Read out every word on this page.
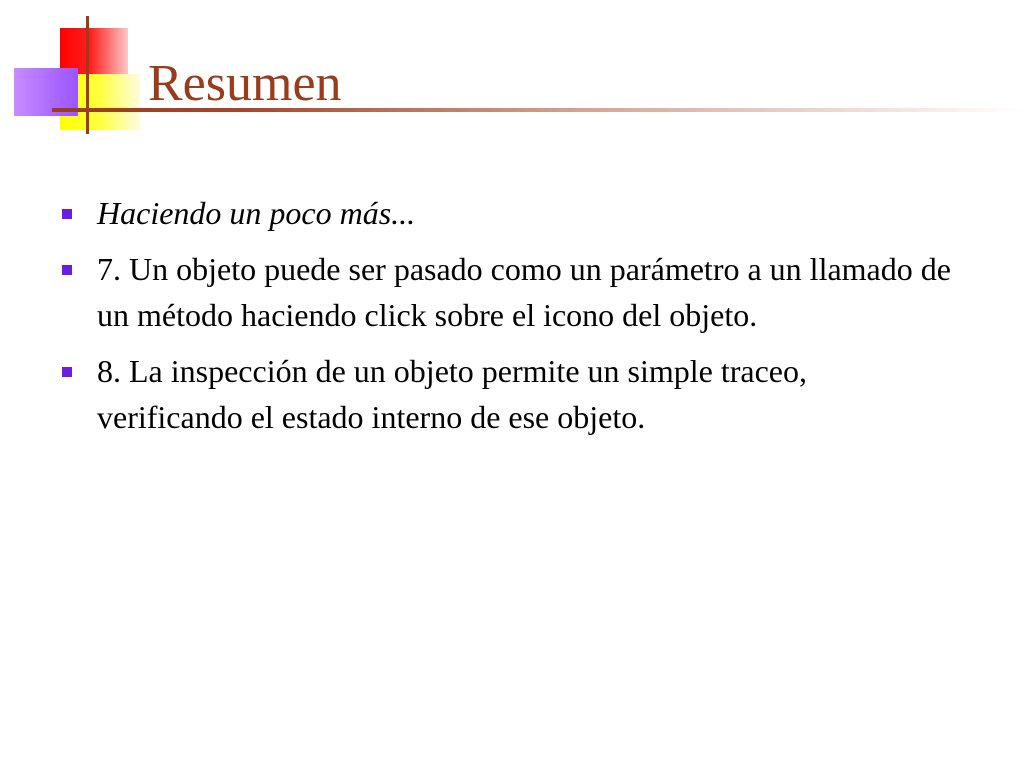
Resumen
Haciendo un poco más...
7. Un objeto puede ser pasado como un parámetro a un llamado de un método haciendo click sobre el icono del objeto.
8. La inspección de un objeto permite un simple traceo, verificando el estado interno de ese objeto.
